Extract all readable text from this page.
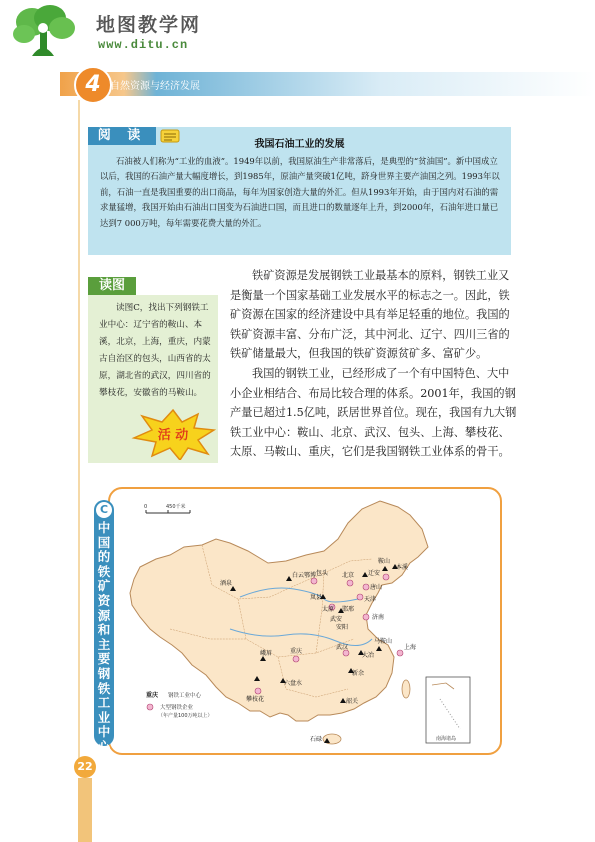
地图教学网
www.ditu.cn
4 自然资源与经济发展
阅 读
我国石油工业的发展
石油被人们称为“工业的血液”。1949年以前，我国原油生产非常落后，是典型的“贫油国”。新中国成立以后，我国的石油产量大幅度增长，到1985年，原油产量突破1亿吨，跻身世界主要产油国之列。1993年以前，石油一直是我国重要的出口商品，每年为国家创造大量的外汇。但从1993年开始，由于国内对石油的需求量猛增，我国开始由石油出口国变为石油进口国，而且进口的数量逐年上升，到2000年，石油年进口量已达到7 000万吨，每年需要花费大量的外汇。
读图
读图C，找出下列钢铁工业中心：辽宁省的鞍山、本溪，北京，上海，重庆，内蒙古自治区的包头，山西省的太原，湖北省的武汉，四川省的攀枝花，安徽省的马鞍山。
活 动

铁矿资源是发展钢铁工业最基本的原料，钢铁工业又是衡量一个国家基础工业发展水平的标志之一。因此，铁矿资源在国家的经济建设中具有举足轻重的地位。我国的铁矿资源丰富、分布广泛，其中河北、辽宁、四川三省的铁矿储量最大，但我国的铁矿资源贫矿多、富矿少。

我国的钢铁工业，已经形成了一个有中国特色、大中小企业相结合、布局比较合理的体系。2001年，我国的钢产量已超过1.5亿吨，跃居世界首位。现在，我国有九大钢铁工业中心：鞍山、北京、武汉、包头、上海、攀枝花、太原、马鞍山、重庆，它们是我国钢铁工业体系的骨干。

C
中国的铁矿资源和主要钢铁工业中心分布
0	450千米
南海诸岛
酒泉
白云鄂博 包头 北京
鞍山
本溪
迁安
唐山
天津
岚县
太原 邯邢
济南
武安
安阳
重庆
武汉
大冶
马鞍山
上海
峨眉
攀枝花
六盘水
新余
韶关
石碌
重庆 钢铁工业中心
大型钢铁企业
（年产量100万吨以上）
22
